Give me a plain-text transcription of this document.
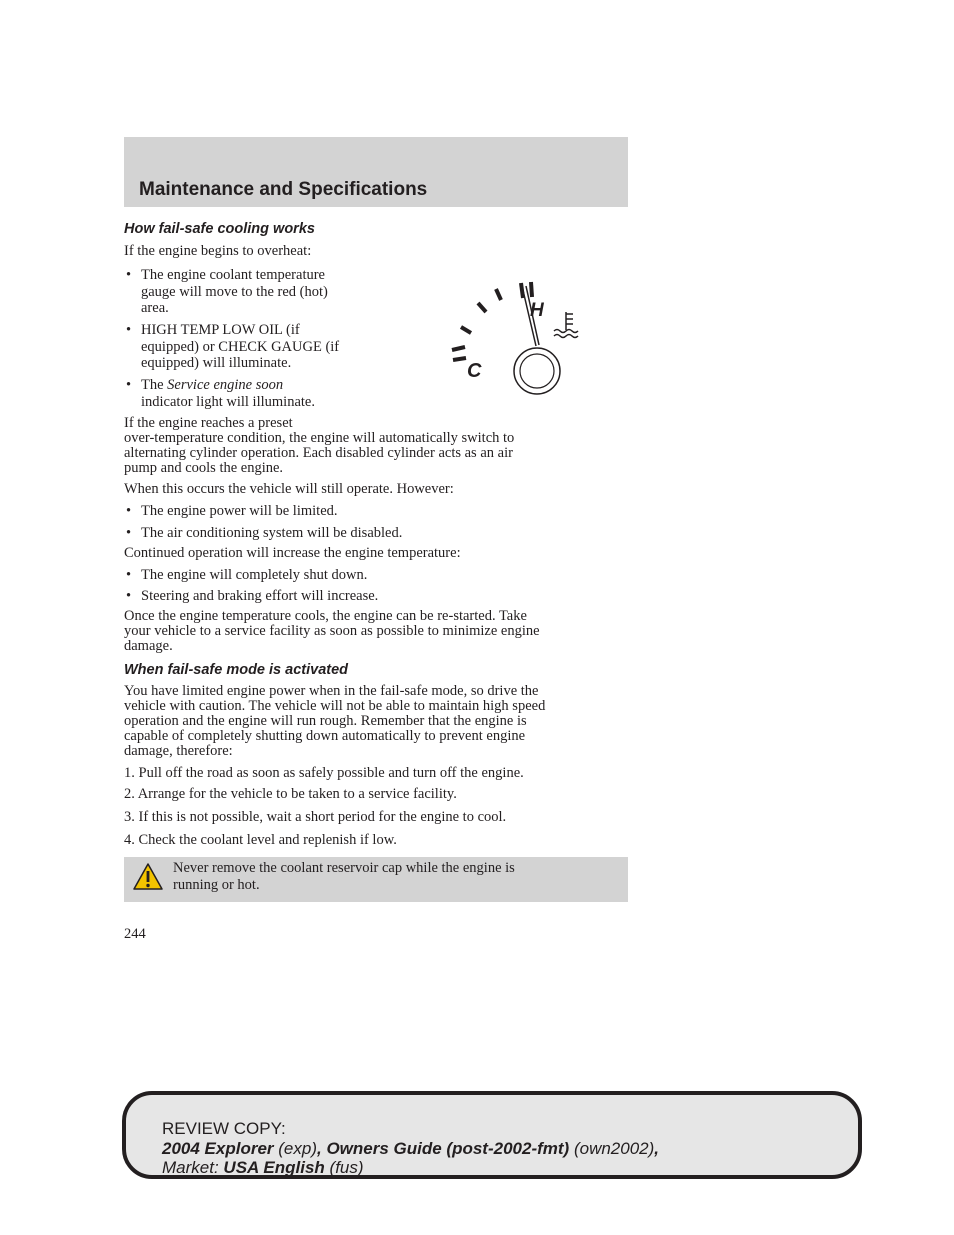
Maintenance and Specifications
How fail-safe cooling works
If the engine begins to overheat:
• The engine coolant temperature
gauge will move to the red (hot)
area.
• HIGH TEMP LOW OIL (if
equipped) or CHECK GAUGE (if
equipped) will illuminate.
• The Service engine soon
indicator light will illuminate.
If the engine reaches a preset
over-temperature condition, the engine will automatically switch to
alternating cylinder operation. Each disabled cylinder acts as an air
pump and cools the engine.
When this occurs the vehicle will still operate. However:
• The engine power will be limited.
• The air conditioning system will be disabled.
Continued operation will increase the engine temperature:
• The engine will completely shut down.
• Steering and braking effort will increase.
Once the engine temperature cools, the engine can be re-started. Take
your vehicle to a service facility as soon as possible to minimize engine
damage.
When fail-safe mode is activated
You have limited engine power when in the fail-safe mode, so drive the
vehicle with caution. The vehicle will not be able to maintain high speed
operation and the engine will run rough. Remember that the engine is
capable of completely shutting down automatically to prevent engine
damage, therefore:
1. Pull off the road as soon as safely possible and turn off the engine.
2. Arrange for the vehicle to be taken to a service facility.
3. If this is not possible, wait a short period for the engine to cool.
4. Check the coolant level and replenish if low.
H
C
Never remove the coolant reservoir cap while the engine is
running or hot.
244
REVIEW COPY:
2004 Explorer (exp), Owners Guide (post-2002-fmt) (own2002),
Market: USA English (fus)
